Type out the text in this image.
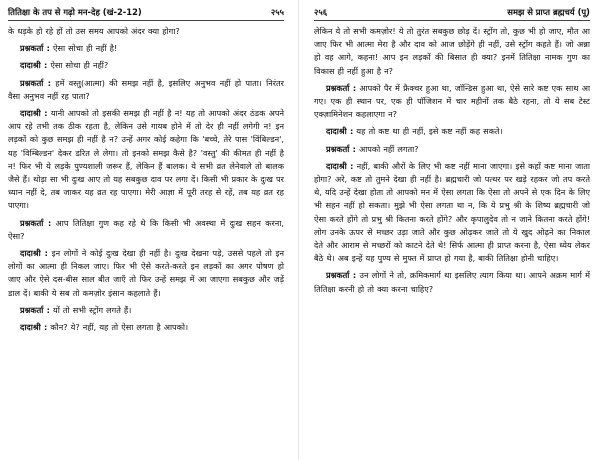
तितिक्षा के तप से गढ़ो मन-देह (खं-2-12)	२५५

के धड़के हो रहे हों तो उस समय आपको अंदर क्या होगा?

प्रश्नकर्ता : ऐसा सोचा ही नहीं है!

दादाश्री : ऐसा सोचा ही नहीं?

प्रश्नकर्ता : हमें वस्तु(आत्मा) की समझ नहीं है, इसलिए अनुभव नहीं हो पाता। निरंतर वैसा अनुभव नहीं रह पाता?

दादाश्री : यानी आपको तो इसकी समझ ही नहीं है न! यह तो आपको अंदर ठंडक अपने आप रहे तभी तक ठीक रहता है, लेकिन उसे गायब होने में तो देर ही नहीं लगेगी न! इन लड़कों को कुछ समझ ही नहीं है न? उन्हें अगर कोई कहेगा कि 'बच्चे, तेरे पास 'विंबिल्डन', यह 'विम्बिल्डन' देकर डरित ले लेगा। तो इनको समझ कैसे है? 'वस्तु' की कीमत ही नहीं है न! फिर भी ये लड़के पुण्यशाली जरूर हैं, लेकिन हैं बालक। ये सभी व्रत लेनेवाले तो बालक जैसे हैं। थोड़ा सा भी दुःख आए तो यह सबकुछ दाव पर लगा दें। किसी भी प्रकार के दुःख पर ध्यान नहीं दे, तब जाकर यह व्रत रह पाएगा। मेरी आज्ञा में पूरी तरह से रहें, तब यह व्रत रह पाएगा।

प्रश्नकर्ता : आप तितिक्षा गुण कह रहे थे कि किसी भी अवस्था में दुःख सहन करना, ऐसा?

दादाश्री : इन लोगों ने कोई दुःख देखा ही नहीं है। दुःख देखना पड़े, उससे पहले तो इन लोगों का आत्मा ही निकल जाए। फिर भी ऐसे करते-करते इन लड़कों का अगर पोषण हो जाए और ऐसे दस-बीस साल बीत जाएँ तो फिर उन्हें समझ में आ जाएगा सबकुछ और जड़ें डाल दें। बाकी ये सब तो कमज़ोर इंसान कहलाते हैं।

प्रश्नकर्ता : यों तो सभी स्ट्रोंग लगते हैं।

दादाश्री : कौन? ये? नहीं, यह तो ऐसा लगता है आपको।

२५६	समझ से प्राप्त ब्रह्मचर्य (पू)

लेकिन ये तो सभी कमज़ोर! ये तो तुरंत सबकुछ छोड़ दें। स्ट्रोंग तो, कुछ भी हो जाए, मौत आ जाए फिर भी आत्मा मेरा है और दाव को आज छोड़ेंगे ही नहीं, उसे स्ट्रोंग कहते हैं। जो अन्ना हो वह आगे, कहना! आप इन लड़कों की बिसात ही क्या? इनमें तितिक्षा नामक गुण का विकास ही नहीं हुआ है न?

प्रश्नकर्ता : आपको पैर में फ्रैक्चर हुआ था, जॉन्डिस हुआ था, ऐसे सारे कष्ट एक साथ आ गए। एक ही स्थान पर, एक ही पॉजिशन में चार महीनों तक बैठे रहना, तो ये सब टेस्ट एक्ज़ामिनेशन कहलाएगा न?

दादाश्री : यह तो कष्ट था ही नहीं, इसे कष्ट नहीं कह सकते।

प्रश्नकर्ता : आपको नहीं लगता?

दादाश्री : नहीं, बाकी औरों के लिए भी कष्ट नहीं माना जाएगा। इसे कहाँ कष्ट माना जाता होगा? अरे, कष्ट तो तुमने देखा ही नहीं है। ब्रह्मचारी जो पत्थर पर खड़े रहकर जो तप करते थे, यदि उन्हें देखा होता तो आपको मन में ऐसा लगता कि ऐसा तो अपने से एक दिन के लिए भी सहन नहीं हो सकता। मुझे भी ऐसा लगता था न, कि ये प्रभु श्री के शिष्य ब्रह्मचारी जो ऐसा करते होंगे तो प्रभु श्री कितना करते होंगे? और कृपालुदेव तो न जाने कितना करते होंगे! लोग उनके ऊपर से मच्छर उड़ा जाते और कुछ ओढ़कर जाते तो ये खुद ओढ़ने का निकाल देते और आराम से मच्छरों को काटने देते थे! सिर्फ आत्मा ही प्राप्त करना है, ऐसा ध्येय लेकर बैठे थे। अब इन्हें यह पुण्य से मुफ्त में प्राप्त हो गया है, बाकी तितिक्षा होनी चाहिए।

प्रश्नकर्ता : उन लोगों ने तो, क्रमिकमार्ग था इसलिए त्याग किया था। आपने अक्रम मार्ग में तितिक्षा करनी हो तो क्या करना चाहिए?
